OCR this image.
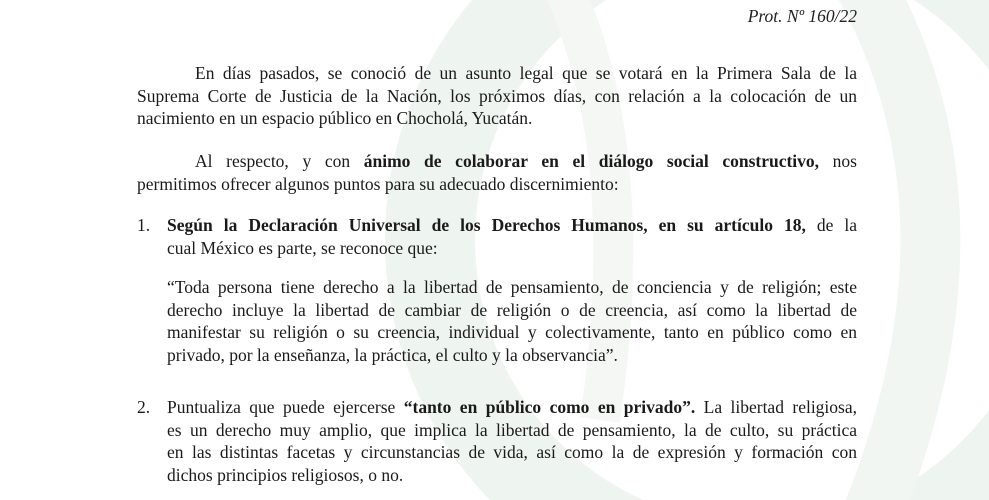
Prot. Nº 160/22
En días pasados, se conoció de un asunto legal que se votará en la Primera Sala de la
Suprema Corte de Justicia de la Nación, los próximos días, con relación a la colocación de un
nacimiento en un espacio público en Chocholá, Yucatán.
Al respecto, y con ánimo de colaborar en el diálogo social constructivo, nos
permitimos ofrecer algunos puntos para su adecuado discernimiento:
1. Según la Declaración Universal de los Derechos Humanos, en su artículo 18, de la
cual México es parte, se reconoce que:
“Toda persona tiene derecho a la libertad de pensamiento, de conciencia y de religión; este
derecho incluye la libertad de cambiar de religión o de creencia, así como la libertad de
manifestar su religión o su creencia, individual y colectivamente, tanto en público como en
privado, por la enseñanza, la práctica, el culto y la observancia”.
2. Puntualiza que puede ejercerse “tanto en público como en privado”. La libertad religiosa,
es un derecho muy amplio, que implica la libertad de pensamiento, la de culto, su práctica
en las distintas facetas y circunstancias de vida, así como la de expresión y formación con
dichos principios religiosos, o no.
